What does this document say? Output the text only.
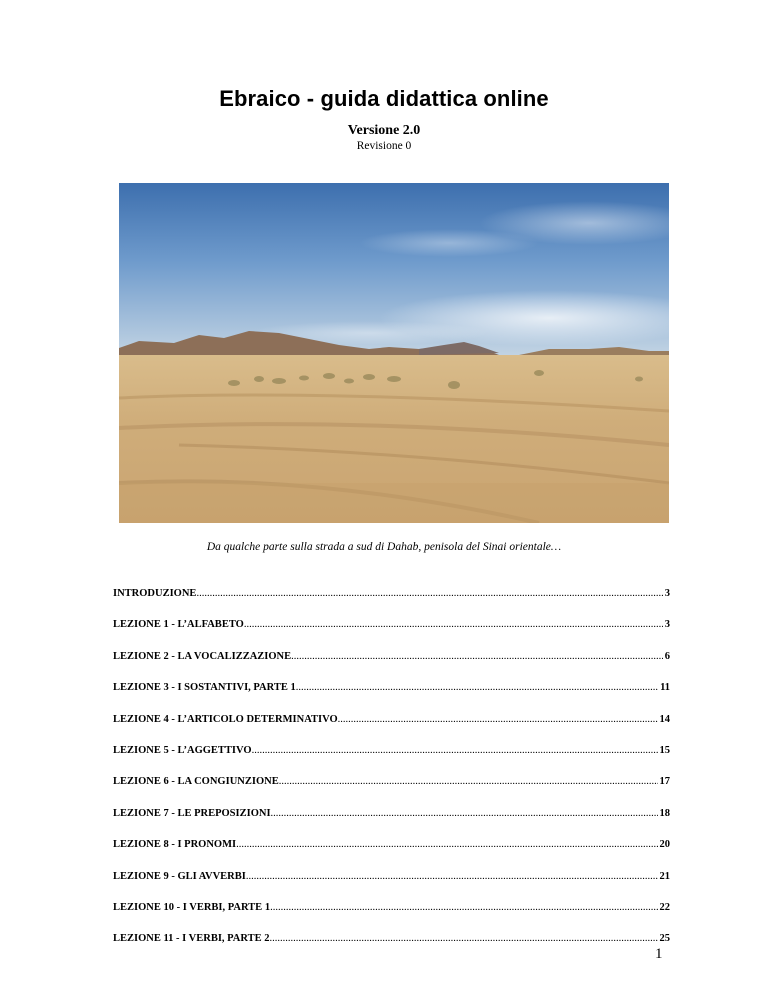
Ebraico - guida didattica online
Versione 2.0
Revisione 0
Da qualche parte sulla strada a sud di Dahab, penisola del Sinai orientale…
INTRODUZIONE .....	3
LEZIONE 1 - L’ALFABETO .....	3
LEZIONE 2 - LA VOCALIZZAZIONE .....	6
LEZIONE 3 - I SOSTANTIVI, PARTE 1 .....	11
LEZIONE 4 - L’ARTICOLO DETERMINATIVO .....	14
LEZIONE 5 - L’AGGETTIVO .....	15
LEZIONE 6 - LA CONGIUNZIONE .....	17
LEZIONE 7 - LE PREPOSIZIONI .....	18
LEZIONE 8 - I PRONOMI .....	20
LEZIONE 9 - GLI AVVERBI .....	21
LEZIONE 10 - I VERBI, PARTE 1 .....	22
LEZIONE 11 - I VERBI, PARTE 2 .....	25
1
